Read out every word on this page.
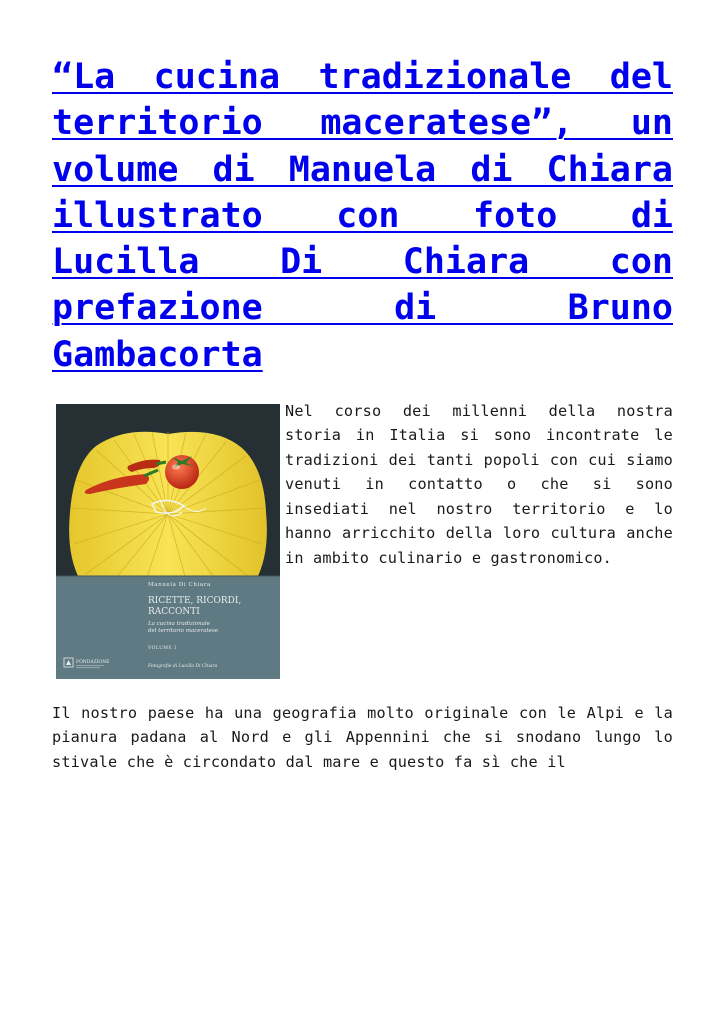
“La cucina tradizionale del territorio maceratese”, un volume di Manuela di Chiara illustrato con foto di Lucilla Di Chiara con prefazione di Bruno Gambacorta
Manuela Di Chiara
RICETTE, RICORDI,
RACCONTI
La cucina tradizionale
del territorio maceratese
VOLUME I
Fotografie di Lucilla Di Chiara
FONDAZIONE

Nel corso dei millenni della nostra storia in Italia si sono incontrate le tradizioni dei tanti popoli con cui siamo venuti in contatto o che si sono insediati nel nostro territorio e lo hanno arricchito della loro cultura anche in ambito culinario e gastronomico.

Il nostro paese ha una geografia molto originale con le Alpi e la pianura padana al Nord e gli Appennini che si snodano lungo lo stivale che è circondato dal mare e questo fa sì che il
